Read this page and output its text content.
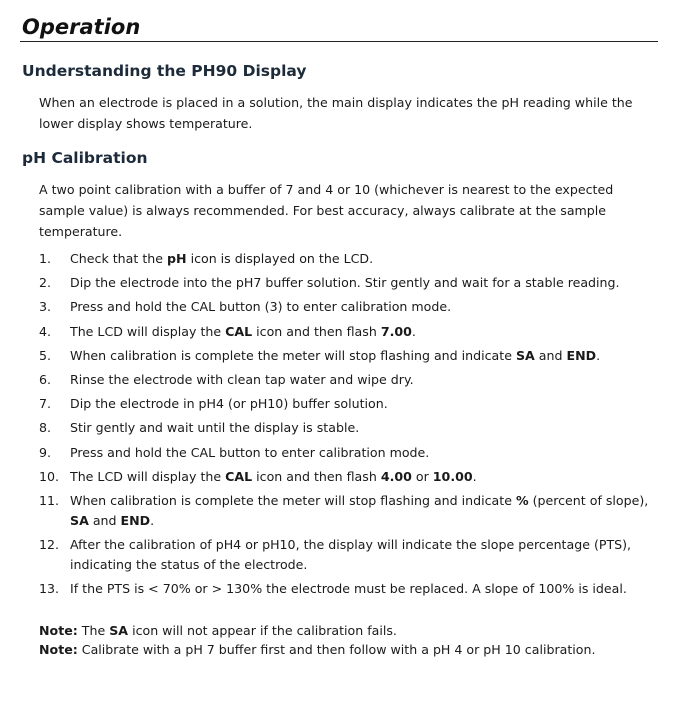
Operation
Understanding the PH90 Display

When an electrode is placed in a solution, the main display indicates the pH reading while the lower display shows temperature.

pH Calibration

A two point calibration with a buffer of 7 and 4 or 10 (whichever is nearest to the expected sample value) is always recommended. For best accuracy, always calibrate at the sample temperature.

1.	Check that the pH icon is displayed on the LCD.
2.	Dip the electrode into the pH7 buffer solution. Stir gently and wait for a stable reading.
3.	Press and hold the CAL button (3) to enter calibration mode.
4.	The LCD will display the CAL icon and then flash 7.00.
5.	When calibration is complete the meter will stop flashing and indicate SA and END.
6.	Rinse the electrode with clean tap water and wipe dry.
7.	Dip the electrode in pH4 (or pH10) buffer solution.
8.	Stir gently and wait until the display is stable.
9.	Press and hold the CAL button to enter calibration mode.
10. The LCD will display the CAL icon and then flash 4.00 or 10.00.
11. When calibration is complete the meter will stop flashing and indicate % (percent of slope), SA and END.
12. After the calibration of pH4 or pH10, the display will indicate the slope percentage (PTS), indicating the status of the electrode.
13. If the PTS is < 70% or > 130% the electrode must be replaced. A slope of 100% is ideal.
Note: The SA icon will not appear if the calibration fails.
Note: Calibrate with a pH 7 buffer first and then follow with a pH 4 or pH 10 calibration.
